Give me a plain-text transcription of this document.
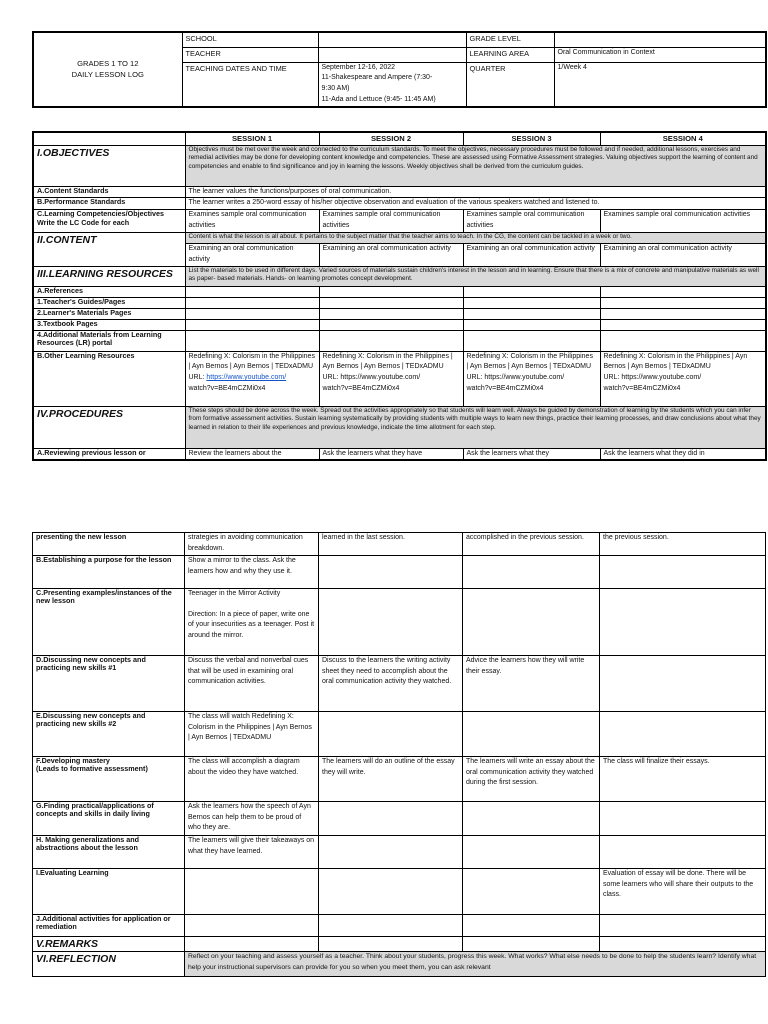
GRADES 1 TO 12
DAILY LESSON LOG	SCHOOL		GRADE LEVEL	
	TEACHER		LEARNING AREA	Oral Communication in Context
	TEACHING DATES AND TIME	September 12-16, 2022
11-Shakespeare and Ampere (7:30-
9:30 AM)
11-Ada and Lettuce (9:45- 11:45 AM)	QUARTER	1/Week 4
	SESSION 1	SESSION 2	SESSION 3	SESSION 4
I.OBJECTIVES	Objectives must be met over the week and connected to the curriculum standards. To meet the objectives, necessary procedures must be followed and if needed, additional lessons, exercises and remedial activities may be done for developing content knowledge and competencies. These are assessed using Formative Assessment strategies. Valuing objectives support the learning of content and competencies and enable to find significance and joy in learning the lessons. Weekly objectives shall be derived from the curriculum guides.			
A.Content Standards	The learner values the functions/purposes of oral communication.			
B.Performance Standards	The learner writes a 250-word essay of his/her objective observation and evaluation of the various speakers watched and listened to.			

C.Learning Competencies/Objectives
Write the LC Code for each	Examines sample oral communication activities	Examines sample oral communication activities	Examines sample oral communication activities	Examines sample oral communication activities
II.CONTENT	Content is what the lesson is all about. It pertains to the subject matter that the teacher aims to teach. In the CG, the content can be tackled in a week or two.			
	Examining an oral communication activity	Examining an oral communication activity	Examining an oral communication activity	Examining an oral communication activity
III.LEARNING RESOURCES	List the materials to be used in different days. Varied sources of materials sustain children's interest in the lesson and in learning. Ensure that there is a mix of concrete and manipulative materials as well as paper- based materials. Hands- on learning promotes concept development.			
A.References				
1.Teacher's Guides/Pages				
2.Learner's Materials Pages				
3.Textbook Pages				
4.Additional Materials from Learning Resources (LR) portal				
B.Other Learning Resources	Redefining X: Colorism in the Philippines | Ayn Bernos | Ayn Bernos | TEDxADMU
URL: https://www.youtube.com/
watch?v=BE4mCZMi0x4	Redefining X: Colorism in the Philippines | Ayn Bernos | Ayn Bernos | TEDxADMU
URL: https://www.youtube.com/
watch?v=BE4mCZMi0x4	Redefining X: Colorism in the Philippines | Ayn Bernos | Ayn Bernos | TEDxADMU
URL: https://www.youtube.com/
watch?v=BE4mCZMi0x4	Redefining X: Colorism in the Philippines | Ayn Bernos | Ayn Bernos | TEDxADMU
URL: https://www.youtube.com/
watch?v=BE4mCZMi0x4
IV.PROCEDURES	These steps should be done across the week. Spread out the activities appropriately so that students will learn well. Always be guided by demonstration of learning by the students which you can infer from formative assessment activities. Sustain learning systematically by providing students with multiple ways to learn new things, practice their learning processes, and draw conclusions about what they learned in relation to their life experiences and previous knowledge, indicate the time allotment for each step.			
A.Reviewing previous lesson or	Review the learners about the	Ask the learners what they have	Ask the learners what they	Ask the learners what they did in
presenting the new lesson	strategies in avoiding communication breakdown.	learned in the last session.	accomplished in the previous session.	the previous session.
B.Establishing a purpose for the lesson	Show a mirror to the class. Ask the learners how and why they use it.			
C.Presenting examples/instances of the new lesson	Teenager in the Mirror Activity
Direction: In a piece of paper, write one of your insecurities as a teenager. Post it around the mirror.			

D.Discussing new concepts and practicing new skills #1	Discuss the verbal and nonverbal cues that will be used in examining oral communication activities.	Discuss to the learners the writing activity sheet they need to accomplish about the oral communication activity they watched.	Advice the learners how they will write their essay.	
E.Discussing new concepts and practicing new skills #2	The class will watch Redefining X: Colorism in the Philippines | Ayn Bernos | Ayn Bernos | TEDxADMU			

F.Developing mastery
(Leads to formative assessment)	The class will accomplish a diagram about the video they have watched.	The learners will do an outline of the essay they will write.	The learners will write an essay about the oral communication activity they watched during the first session.	The class will finalize their essays.
G.Finding practical/applications of concepts and skills in daily living	Ask the learners how the speech of Ayn Bernos can help them to be proud of who they are.			
H. Making generalizations and abstractions about the lesson	The learners will give their takeaways on what they have learned.			
I.Evaluating Learning				Evaluation of essay will be done. There will be some learners who will share their outputs to the class.
J.Additional activities for application or remediation				
V.REMARKS				
VI.REFLECTION	Reflect on your teaching and assess yourself as a teacher. Think about your students, progress this week. What works? What else needs to be done to help the students learn? Identify what help your instructional supervisors can provide for you so when you meet them, you can ask relevant			
